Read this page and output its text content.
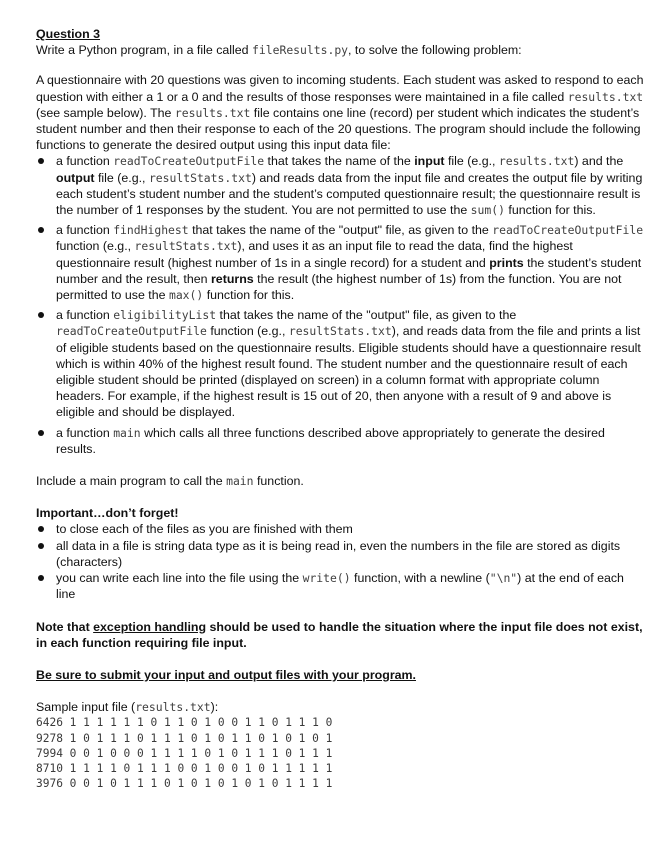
Question 3

Write a Python program, in a file called fileResults.py, to solve the following problem:

A questionnaire with 20 questions was given to incoming students. Each student was asked to respond to each question with either a 1 or a 0 and the results of those responses were maintained in a file called results.txt (see sample below). The results.txt file contains one line (record) per student which indicates the student’s student number and then their response to each of the 20 questions. The program should include the following functions to generate the desired output using this input data file:

a function readToCreateOutputFile that takes the name of the input file (e.g., results.txt) and the output file (e.g., resultStats.txt) and reads data from the input file and creates the output file by writing each student’s student number and the student’s computed questionnaire result; the questionnaire result is the number of 1 responses by the student. You are not permitted to use the sum() function for this.
a function findHighest that takes the name of the "output" file, as given to the readToCreateOutputFile function (e.g., resultStats.txt), and uses it as an input file to read the data, find the highest questionnaire result (highest number of 1s in a single record) for a student and prints the student’s student number and the result, then returns the result (the highest number of 1s) from the function. You are not permitted to use the max() function for this.
a function eligibilityList that takes the name of the "output" file, as given to the readToCreateOutputFile function (e.g., resultStats.txt), and reads data from the file and prints a list of eligible students based on the questionnaire results. Eligible students should have a questionnaire result which is within 40% of the highest result found. The student number and the questionnaire result of each eligible student should be printed (displayed on screen) in a column format with appropriate column headers. For example, if the highest result is 15 out of 20, then anyone with a result of 9 and above is eligible and should be displayed.
a function main which calls all three functions described above appropriately to generate the desired results.

Include a main program to call the main function.

Important…don’t forget!

to close each of the files as you are finished with them
all data in a file is string data type as it is being read in, even the numbers in the file are stored as digits (characters)
you can write each line into the file using the write() function, with a newline ("\n") at the end of each line

Note that exception handling should be used to handle the situation where the input file does not exist, in each function requiring file input.

Be sure to submit your input and output files with your program.

Sample input file (results.txt):

6426 1 1 1 1 1 1 0 1 1 0 1 0 0 1 1 0 1 1 1 0
9278 1 0 1 1 1 0 1 1 1 0 1 0 1 1 0 1 0 1 0 1
7994 0 0 1 0 0 0 1 1 1 1 0 1 0 1 1 1 0 1 1 1
8710 1 1 1 1 0 1 1 1 0 0 1 0 0 1 0 1 1 1 1 1
3976 0 0 1 0 1 1 1 0 1 0 1 0 1 0 1 0 1 1 1 1
